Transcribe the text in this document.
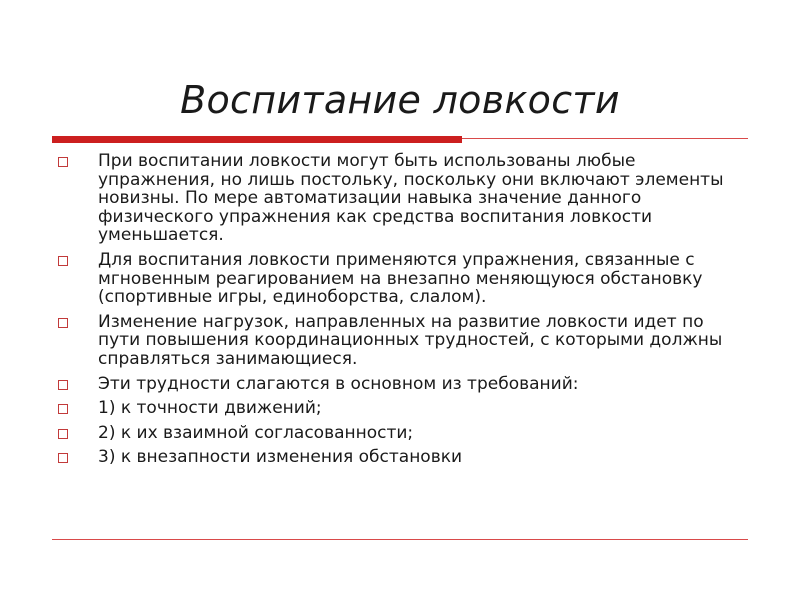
Воспитание ловкости
При воспитании ловкости могут быть использованы любые упражнения, но лишь постольку, поскольку они включают элементы новизны. По мере автоматизации навыка значение данного физического упражнения как средства воспитания ловкости уменьшается.
Для воспитания ловкости применяются упражнения, связанные с мгновенным реагированием на внезапно меняющуюся обстановку (спортивные игры, единоборства, слалом).
Изменение нагрузок, направленных на развитие ловкости идет по пути повышения координационных трудностей, с которыми должны справляться занимающиеся.
Эти трудности слагаются в основном из требований:
1) к точности движений;
2) к их взаимной согласованности;
3) к внезапности изменения обстановки
